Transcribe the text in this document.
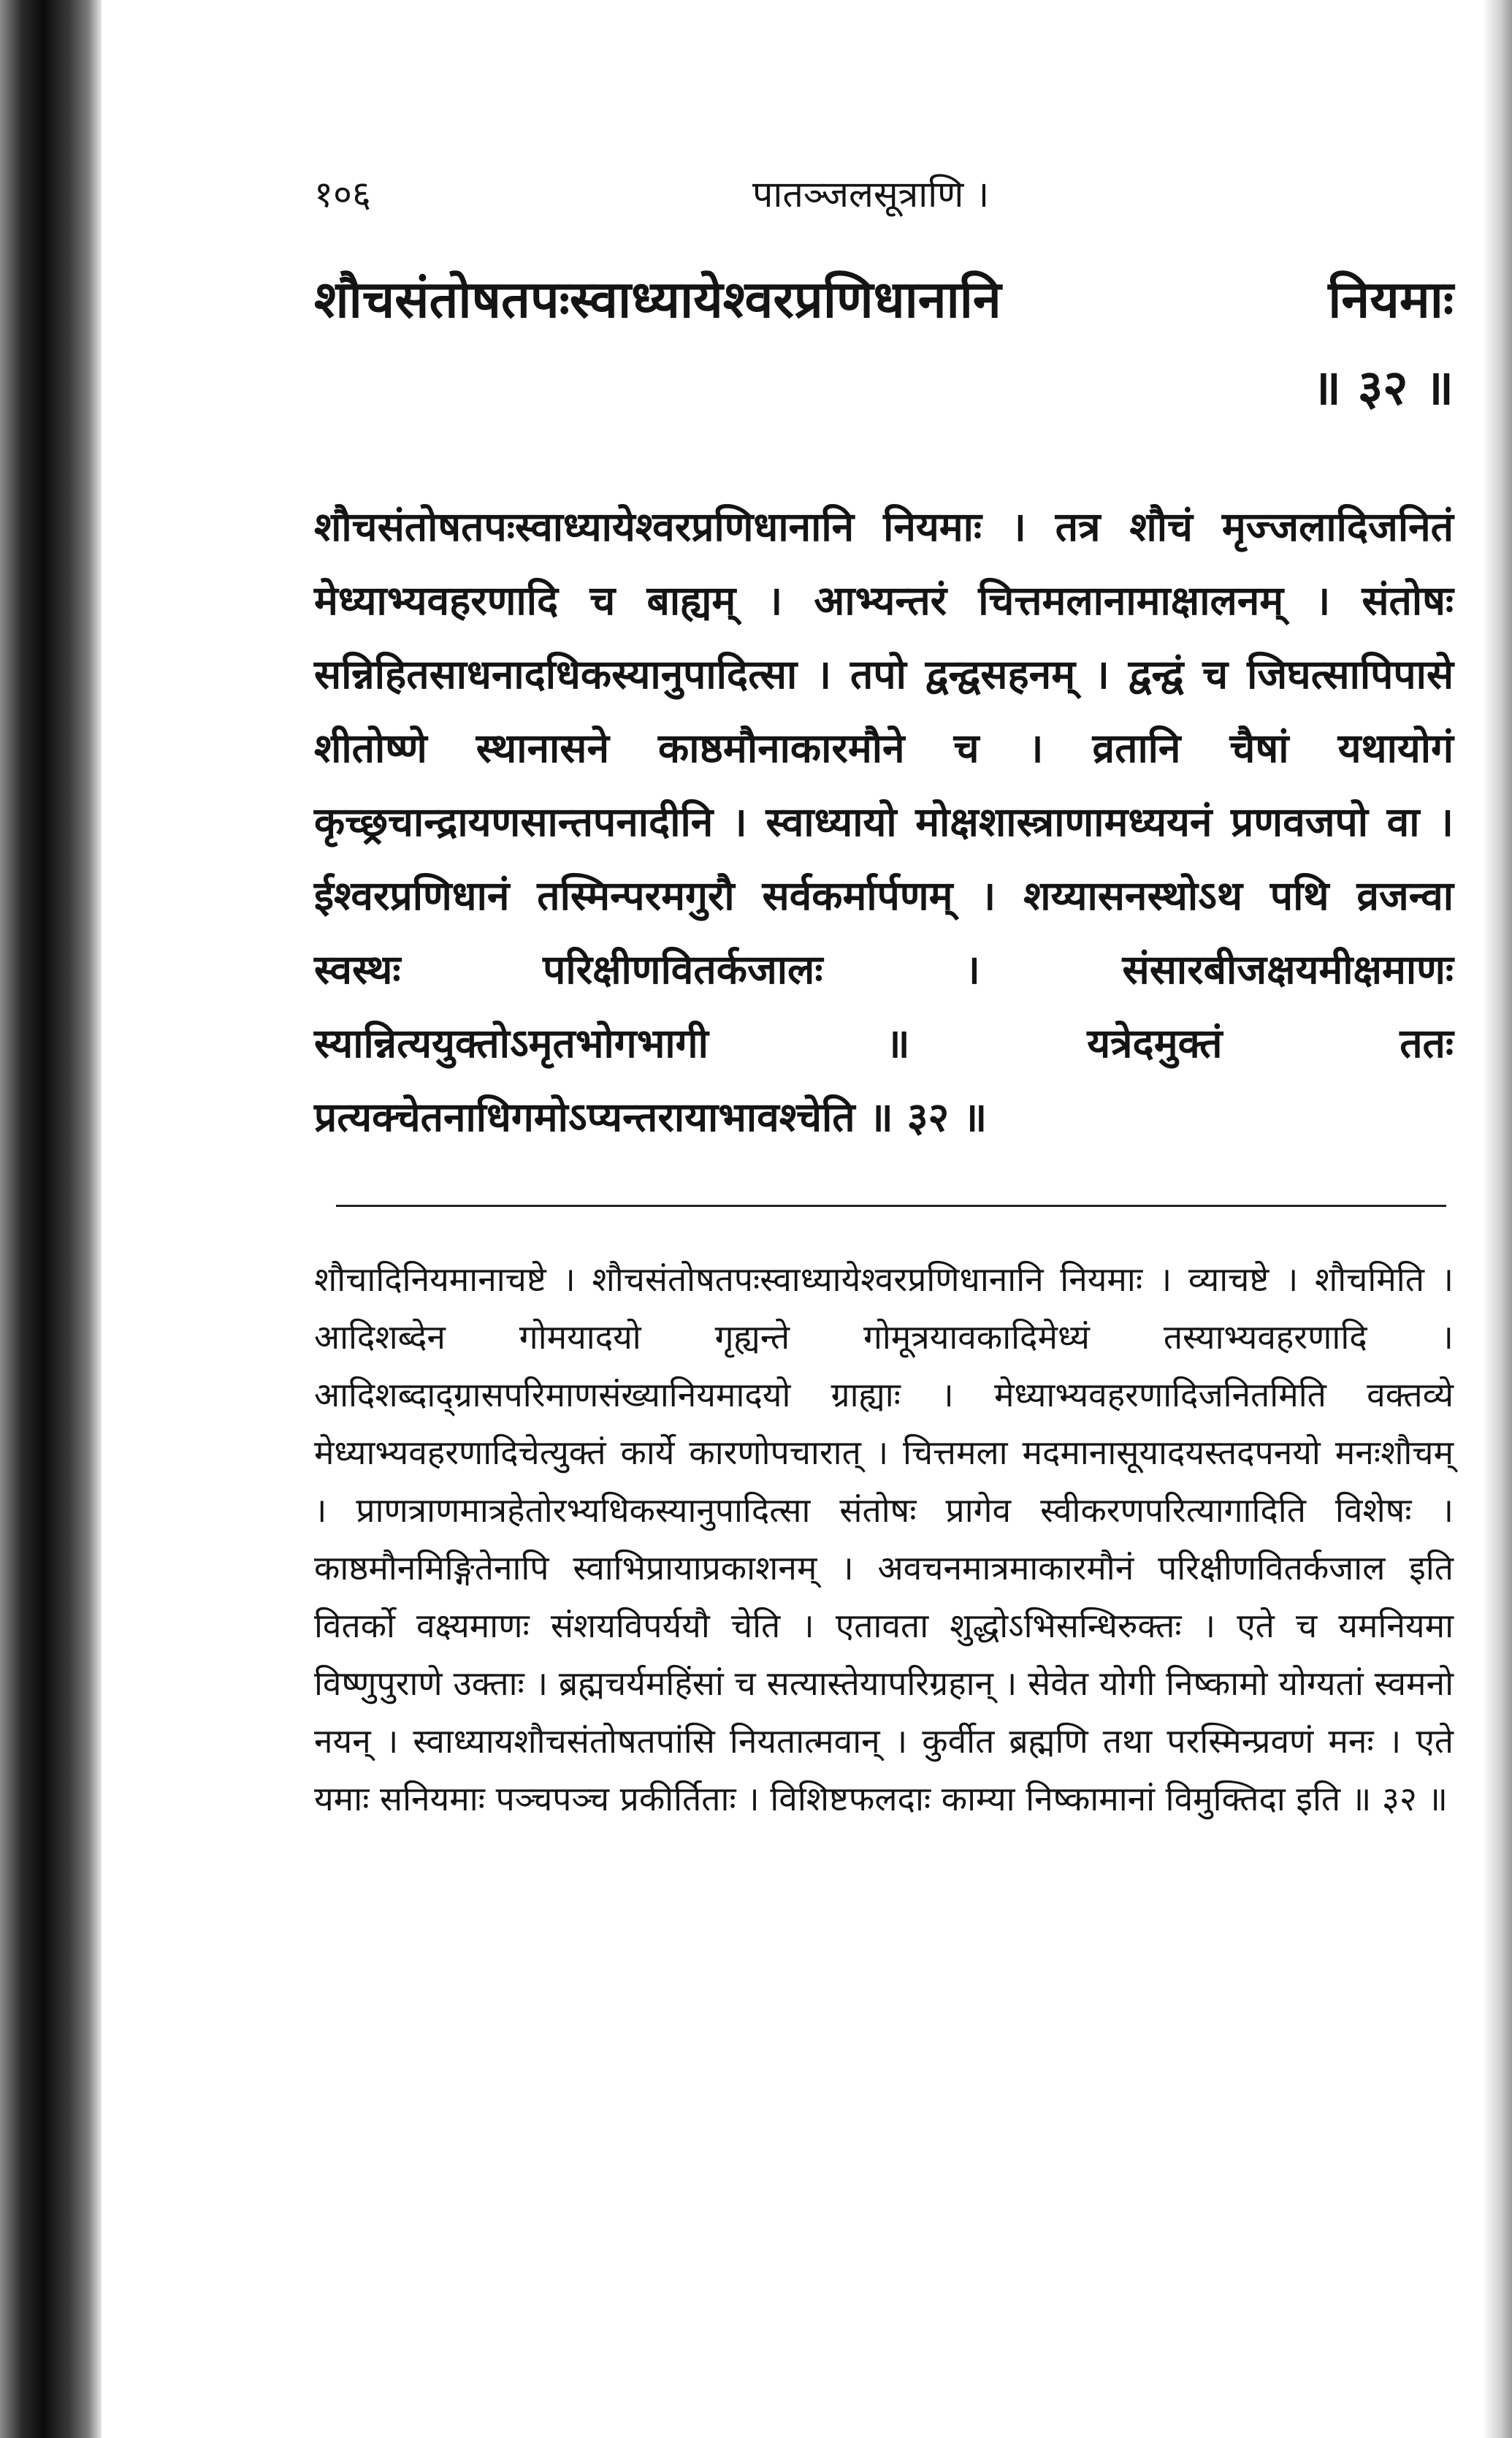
१०६	पातञ्जलसूत्राणि ।
शौचसंतोषतपःस्वाध्यायेश्वरप्रणिधानानि	नियमाः
॥ ३२ ॥
शौचसंतोषतपःस्वाध्यायेश्वरप्रणिधानानि नियमाः । तत्र शौचं मृज्जलादिजनितं मेध्याभ्यवहरणादि च बाह्यम् । आभ्यन्तरं चित्तमलानामाक्षालनम् । संतोषः सन्निहितसाधनादधिकस्यानुपादित्सा । तपो द्वन्द्वसहनम् । द्वन्द्वं च जिघत्सापिपासे शीतोष्णे स्थानासने काष्ठमौनाकारमौने च । व्रतानि चैषां यथायोगं कृच्छ्रचान्द्रायणसान्तपनादीनि । स्वाध्यायो मोक्षशास्त्राणामध्ययनं प्रणवजपो वा । ईश्वरप्रणिधानं तस्मिन्परमगुरौ सर्वकर्मार्पणम् । शय्यासनस्थोऽथ पथि व्रजन्वा स्वस्थः परिक्षीणवितर्कजालः । संसारबीजक्षयमीक्षमाणः स्यान्नित्ययुक्तोऽमृतभोगभागी ॥ यत्रेदमुक्तं ततः प्रत्यक्चेतनाधिगमोऽप्यन्तरायाभावश्चेति ॥ ३२ ॥
शौचादिनियमानाचष्टे । शौचसंतोषतपःस्वाध्यायेश्वरप्रणिधानानि नियमाः । व्याचष्टे । शौचमिति । आदिशब्देन गोमयादयो गृह्यन्ते गोमूत्रयावकादिमेध्यं तस्याभ्यवहरणादि । आदिशब्दाद्ग्रासपरिमाणसंख्यानियमादयो ग्राह्याः । मेध्याभ्यवहरणादिजनितमिति वक्तव्ये मेध्याभ्यवहरणादिचेत्युक्तं कार्ये कारणोपचारात् । चित्तमला मदमानासूयादयस्तदपनयो मनःशौचम् । प्राणत्राणमात्रहेतोरभ्यधिकस्यानुपादित्सा संतोषः प्रागेव स्वीकरणपरित्यागादिति विशेषः । काष्ठमौनमिङ्गितेनापि स्वाभिप्रायाप्रकाशनम् । अवचनमात्रमाकारमौनं परिक्षीणवितर्कजाल इति वितर्को वक्ष्यमाणः संशयविपर्ययौ चेति । एतावता शुद्धोऽभिसन्धिरुक्तः । एते च यमनियमा विष्णुपुराणे उक्ताः । ब्रह्मचर्यमहिंसां च सत्यास्तेयापरिग्रहान् । सेवेत योगी निष्कामो योग्यतां स्वमनो नयन् । स्वाध्यायशौचसंतोषतपांसि नियतात्मवान् । कुर्वीत ब्रह्मणि तथा परस्मिन्प्रवणं मनः । एते यमाः सनियमाः पञ्चपञ्च प्रकीर्तिताः । विशिष्टफलदाः काम्या निष्कामानां विमुक्तिदा इति ॥ ३२ ॥
